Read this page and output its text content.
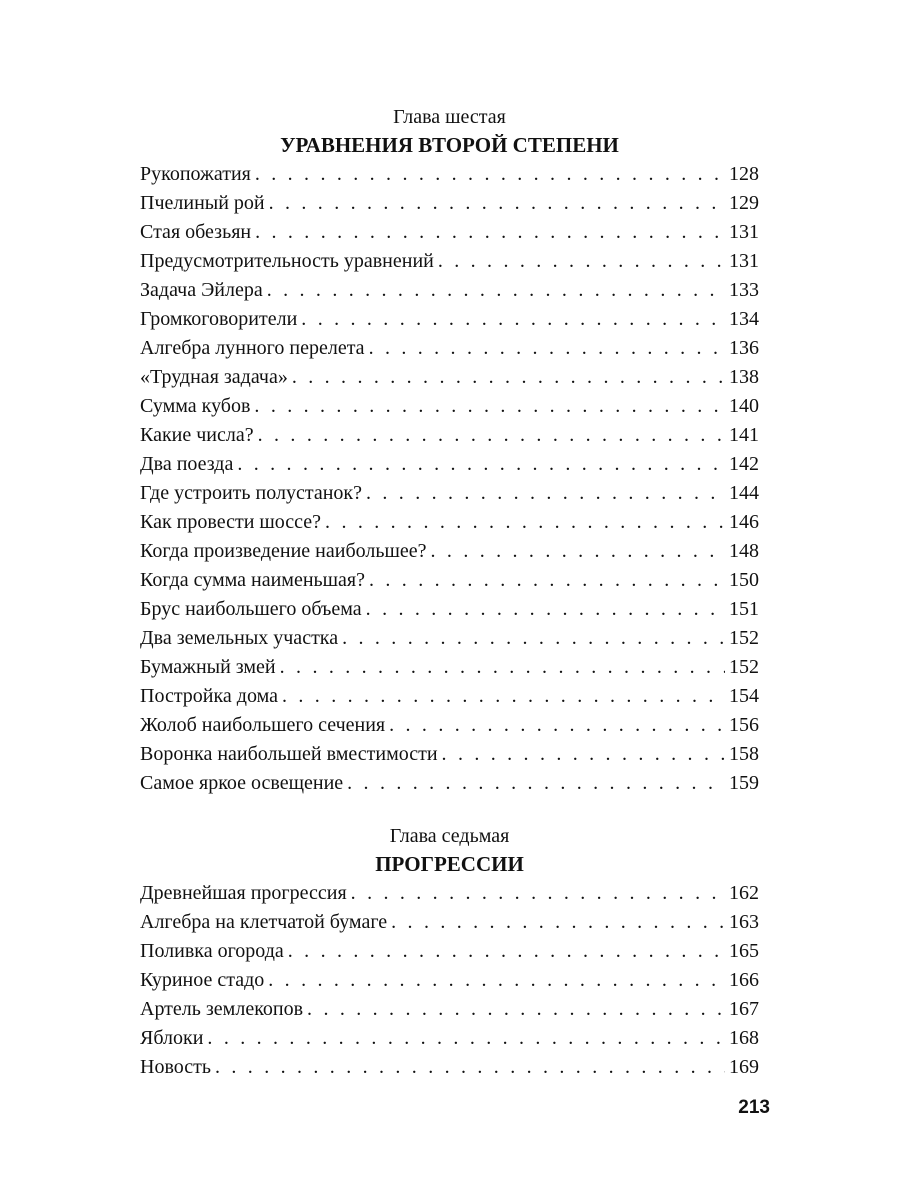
Глава шестая
УРАВНЕНИЯ ВТОРОЙ СТЕПЕНИ
Рукопожатия . . .	128
Пчелиный рой . . .	129
Стая обезьян . . .	131
Предусмотрительность уравнений . . .	131
Задача Эйлера . . .	133
Громкоговорители . . .	134
Алгебра лунного перелета . . .	136
«Трудная задача» . . .	138
Сумма кубов . . .	140
Какие числа? . . .	141
Два поезда . . .	142
Где устроить полустанок? . . .	144
Как провести шоссе? . . .	146
Когда произведение наибольшее? . . .	148
Когда сумма наименьшая? . . .	150
Брус наибольшего объема . . .	151
Два земельных участка . . .	152
Бумажный змей . . .	152
Постройка дома . . .	154
Жолоб наибольшего сечения . . .	156
Воронка наибольшей вместимости . . .	158
Самое яркое освещение . . .	159
Глава седьмая
ПРОГРЕССИИ
Древнейшая прогрессия . . .	162
Алгебра на клетчатой бумаге . . .	163
Поливка огорода . . .	165
Куриное стадо . . .	166
Артель землекопов . . .	167
Яблоки . . .	168
Новость . . .	169
213
